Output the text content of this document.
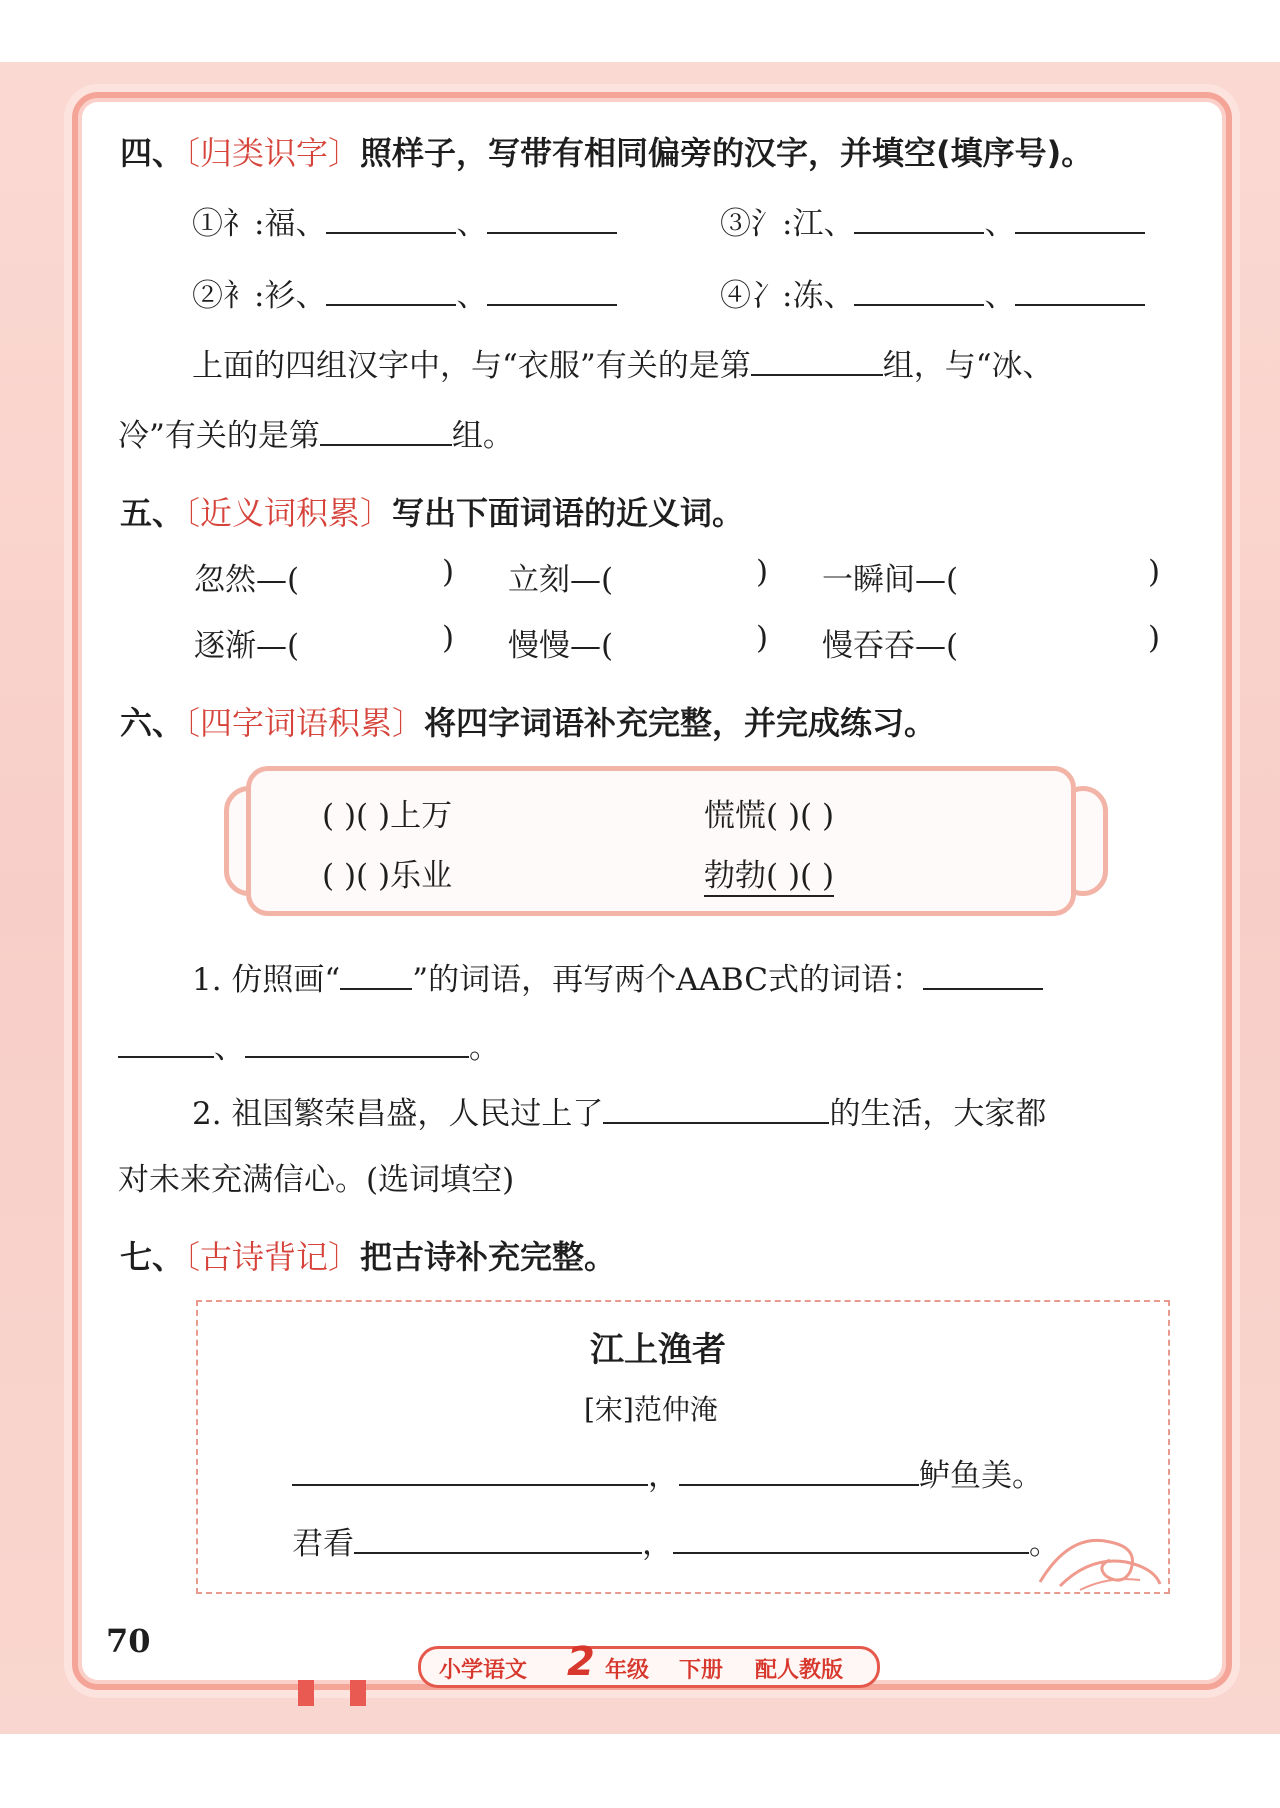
四、〔归类识字〕照样子，写带有相同偏旁的汉字，并填空(填序号)。
①礻:福、	、	③氵:江、	、
②衤:衫、	、	④冫:冻、	、
上面的四组汉字中，与“衣服”有关的是第	组，与“冰、
冷”有关的是第	组。
五、〔近义词积累〕写出下面词语的近义词。
忽然—(	) 立刻—(	) 一瞬间—(	)
逐渐—(	) 慢慢—(	) 慢吞吞—(	)
六、〔四字词语积累〕将四字词语补充完整，并完成练习。
( )( )上万	慌慌( )( )
( )( )乐业	勃勃( )( )
1. 仿照画“ ”的词语，再写两个AABC式的词语：
、	。
2. 祖国繁荣昌盛，人民过上了	的生活，大家都
对未来充满信心。(选词填空)
七、〔古诗背记〕把古诗补充完整。
江上渔者
[宋]范仲淹
，	鲈鱼美。
君看	，	。
70
小学语文 2 年级 下册 配人教版
